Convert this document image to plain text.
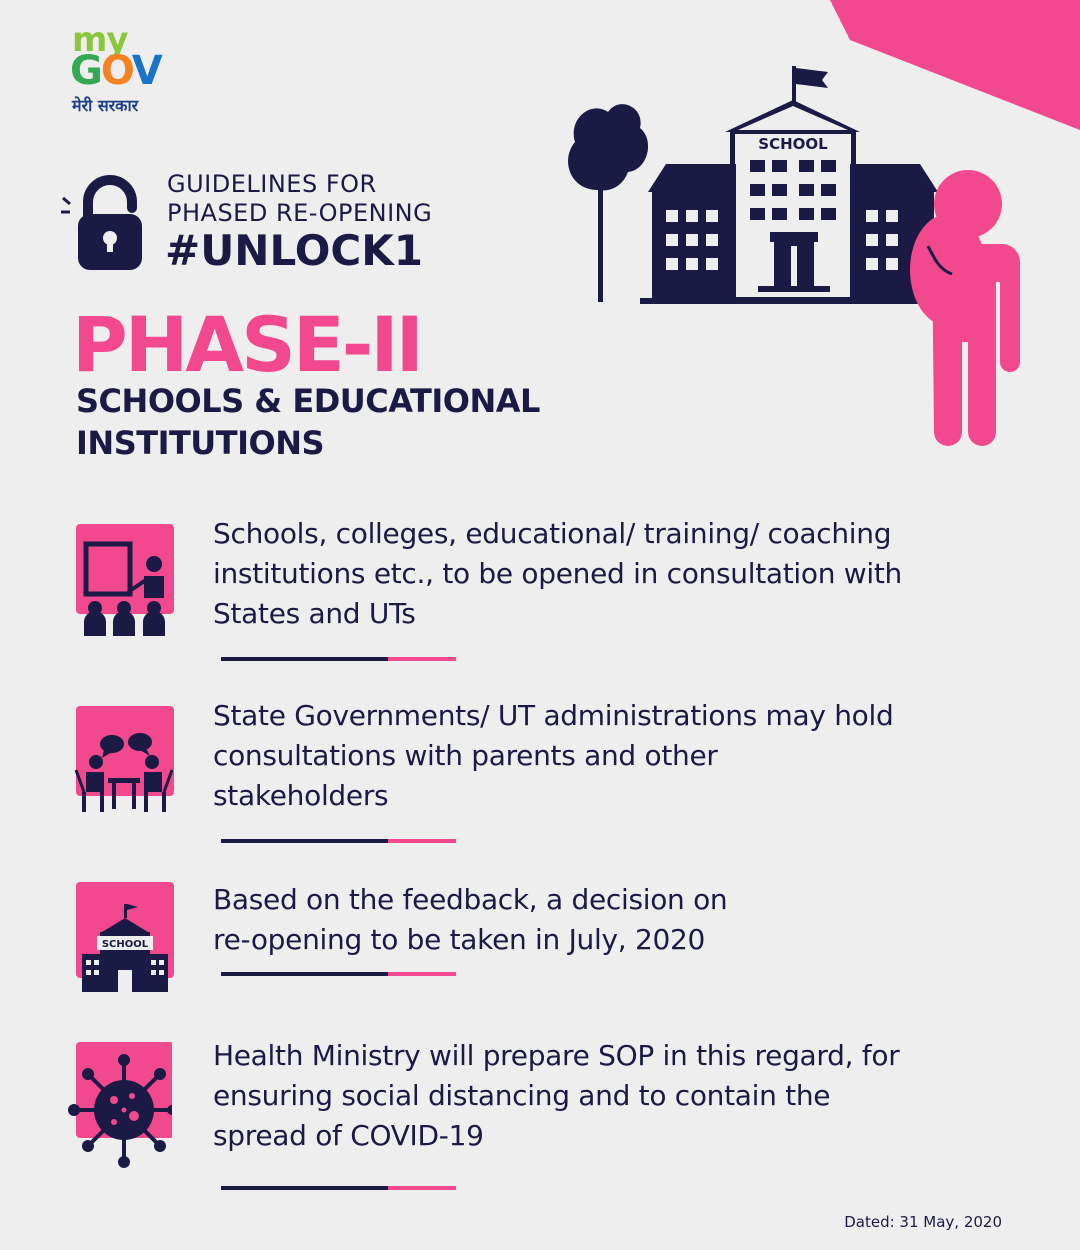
my
GOV
मेरी सरकार
GUIDELINES FOR
PHASED RE-OPENING
#UNLOCK1
PHASE-II
SCHOOLS & EDUCATIONAL
INSTITUTIONS
SCHOOL
Schools, colleges, educational/ training/ coaching
institutions etc., to be opened in consultation with
States and UTs
State Governments/ UT administrations may hold
consultations with parents and other
stakeholders
SCHOOL
Based on the feedback, a decision on
re-opening to be taken in July, 2020
Health Ministry will prepare SOP in this regard, for
ensuring social distancing and to contain the
spread of COVID-19
Dated: 31 May, 2020
